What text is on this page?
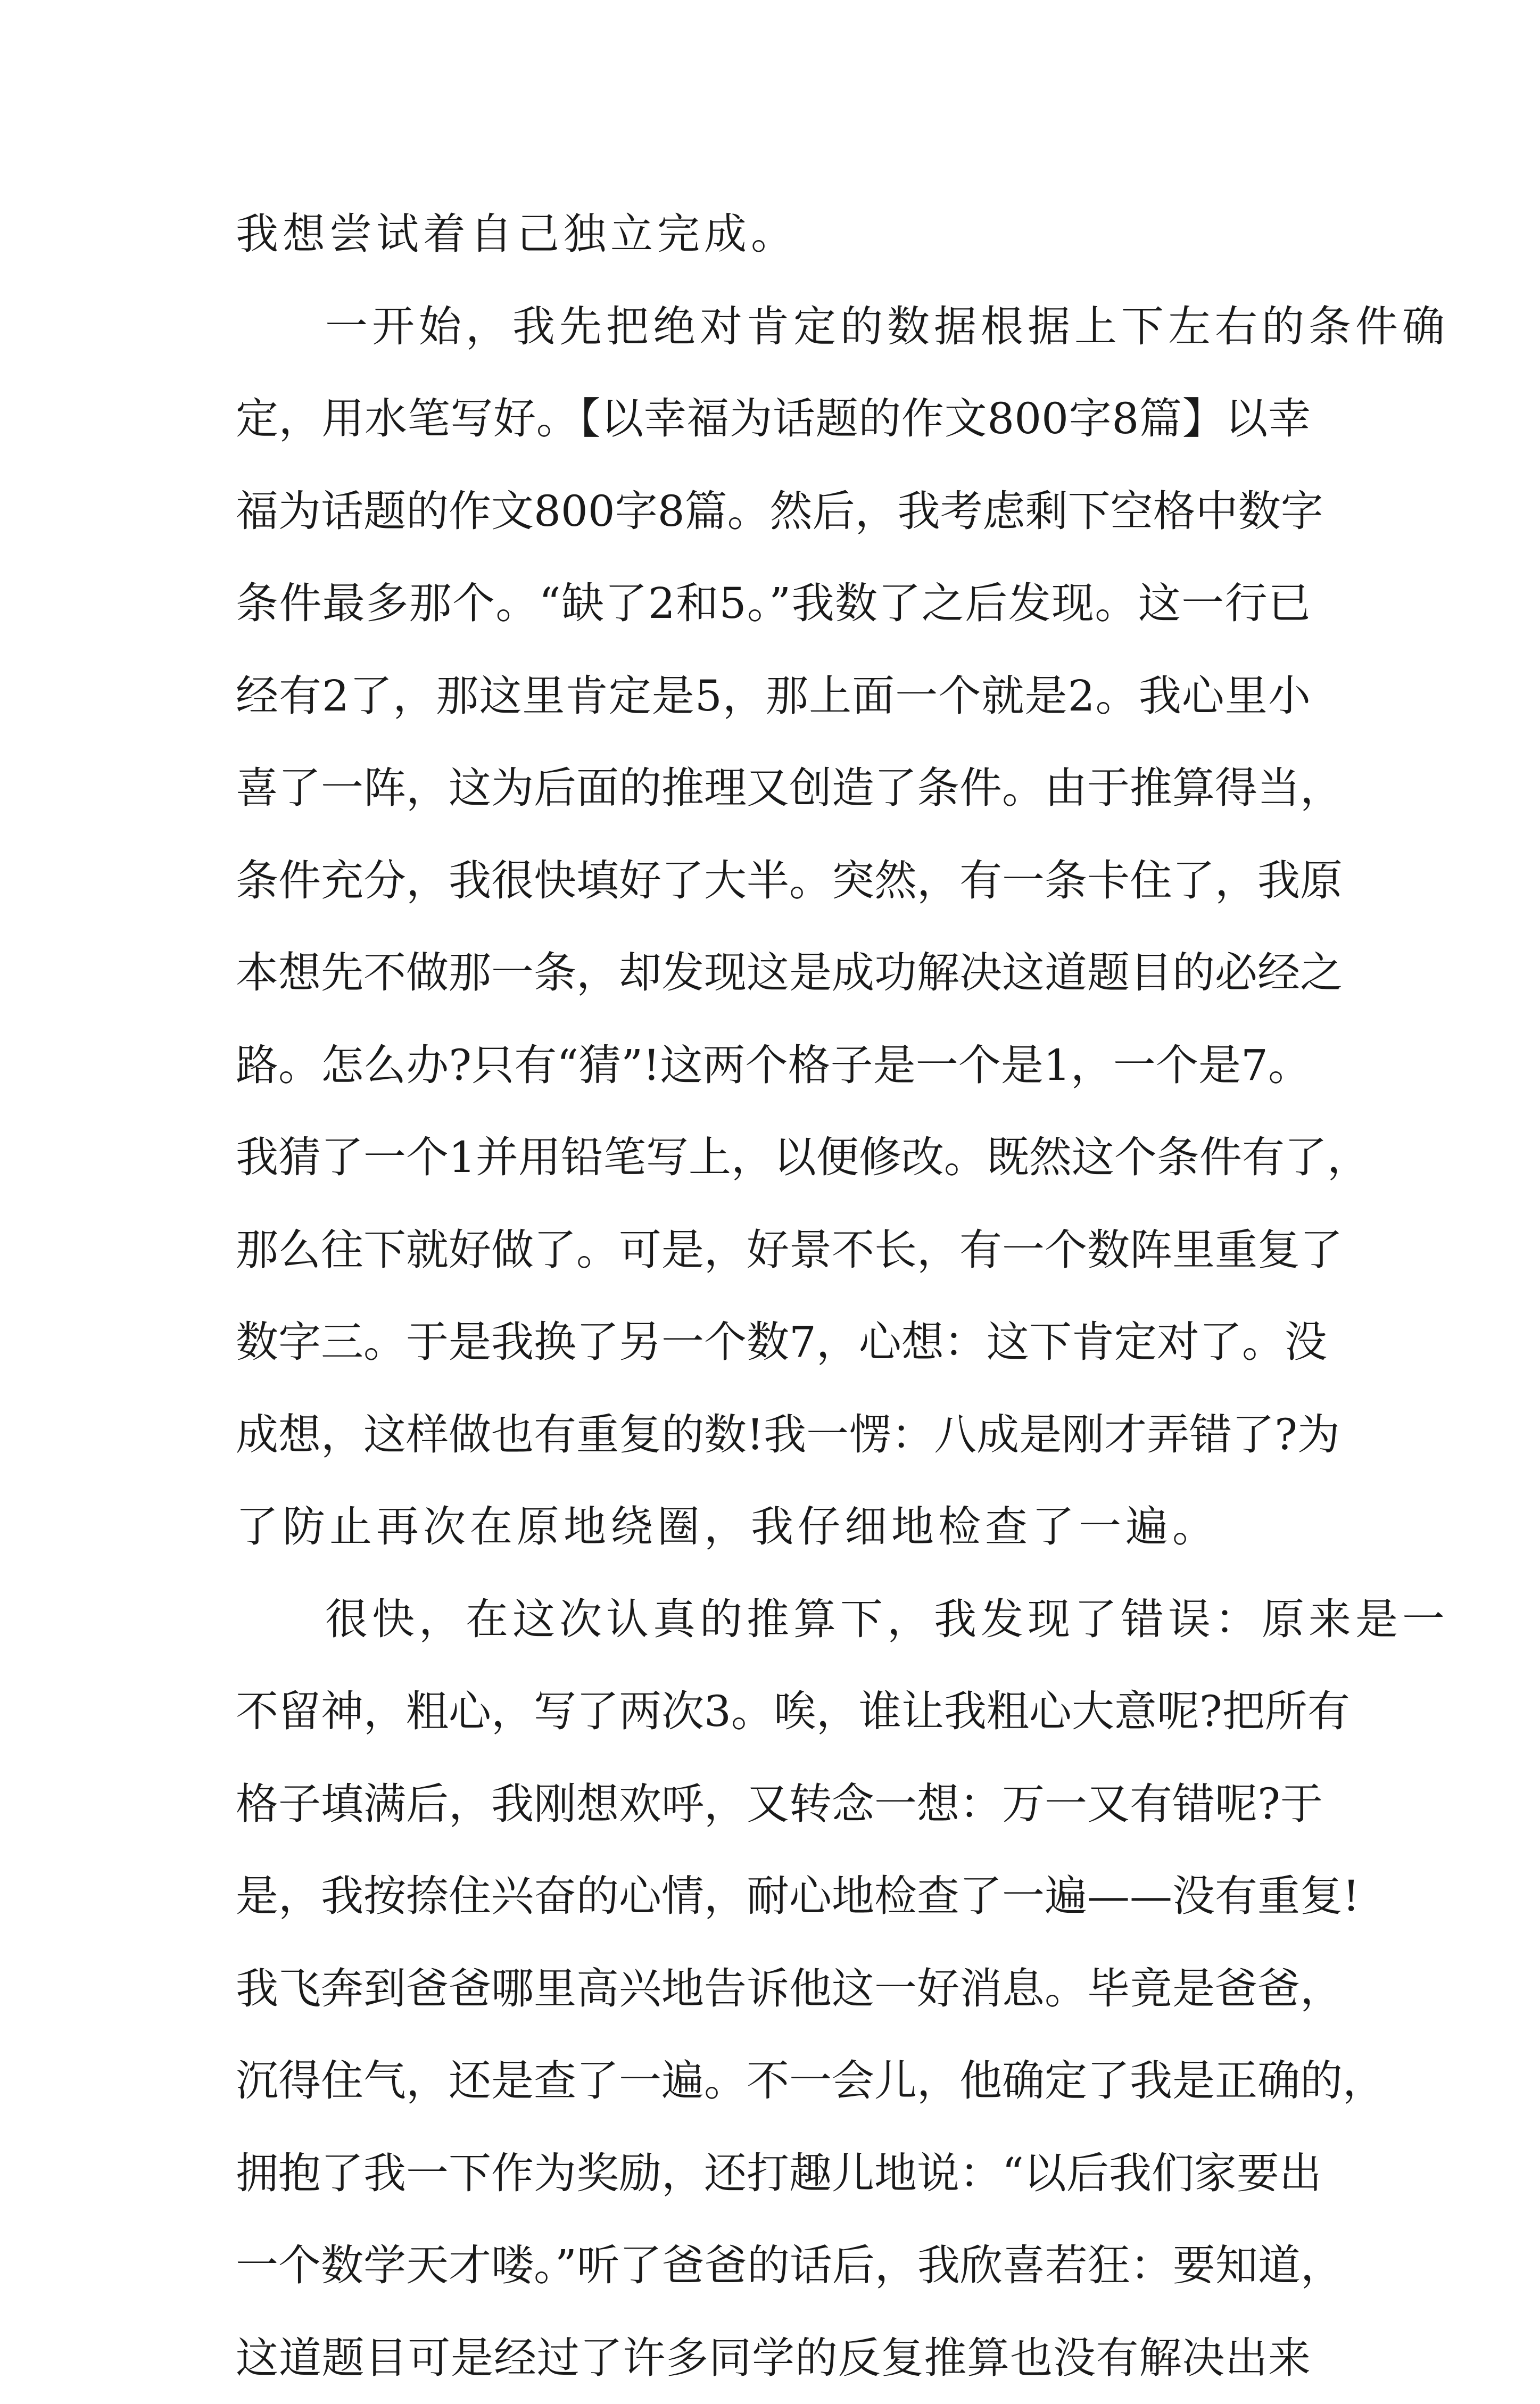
我想尝试着自己独立完成。
一开始，我先把绝对肯定的数据根据上下左右的条件确
定，用水笔写好。【以幸福为话题的作文800字8篇】以幸
福为话题的作文800字8篇。然后，我考虑剩下空格中数字
条件最多那个。“缺了2和5。”我数了之后发现。这一行已
经有2了，那这里肯定是5，那上面一个就是2。我心里小
喜了一阵，这为后面的推理又创造了条件。由于推算得当，
条件充分，我很快填好了大半。突然，有一条卡住了，我原
本想先不做那一条，却发现这是成功解决这道题目的必经之
路。怎么办?只有“猜”!这两个格子是一个是1，一个是7。
我猜了一个1并用铅笔写上，以便修改。既然这个条件有了，
那么往下就好做了。可是，好景不长，有一个数阵里重复了
数字三。于是我换了另一个数7，心想：这下肯定对了。没
成想，这样做也有重复的数!我一愣：八成是刚才弄错了?为
了防止再次在原地绕圈，我仔细地检查了一遍。
很快，在这次认真的推算下，我发现了错误：原来是一
不留神，粗心，写了两次3。唉，谁让我粗心大意呢?把所有
格子填满后，我刚想欢呼，又转念一想：万一又有错呢?于
是，我按捺住兴奋的心情，耐心地检查了一遍——没有重复!
我飞奔到爸爸哪里高兴地告诉他这一好消息。毕竟是爸爸，
沉得住气，还是查了一遍。不一会儿，他确定了我是正确的，
拥抱了我一下作为奖励，还打趣儿地说：“以后我们家要出
一个数学天才喽。”听了爸爸的话后，我欣喜若狂：要知道，
这道题目可是经过了许多同学的反复推算也没有解决出来
